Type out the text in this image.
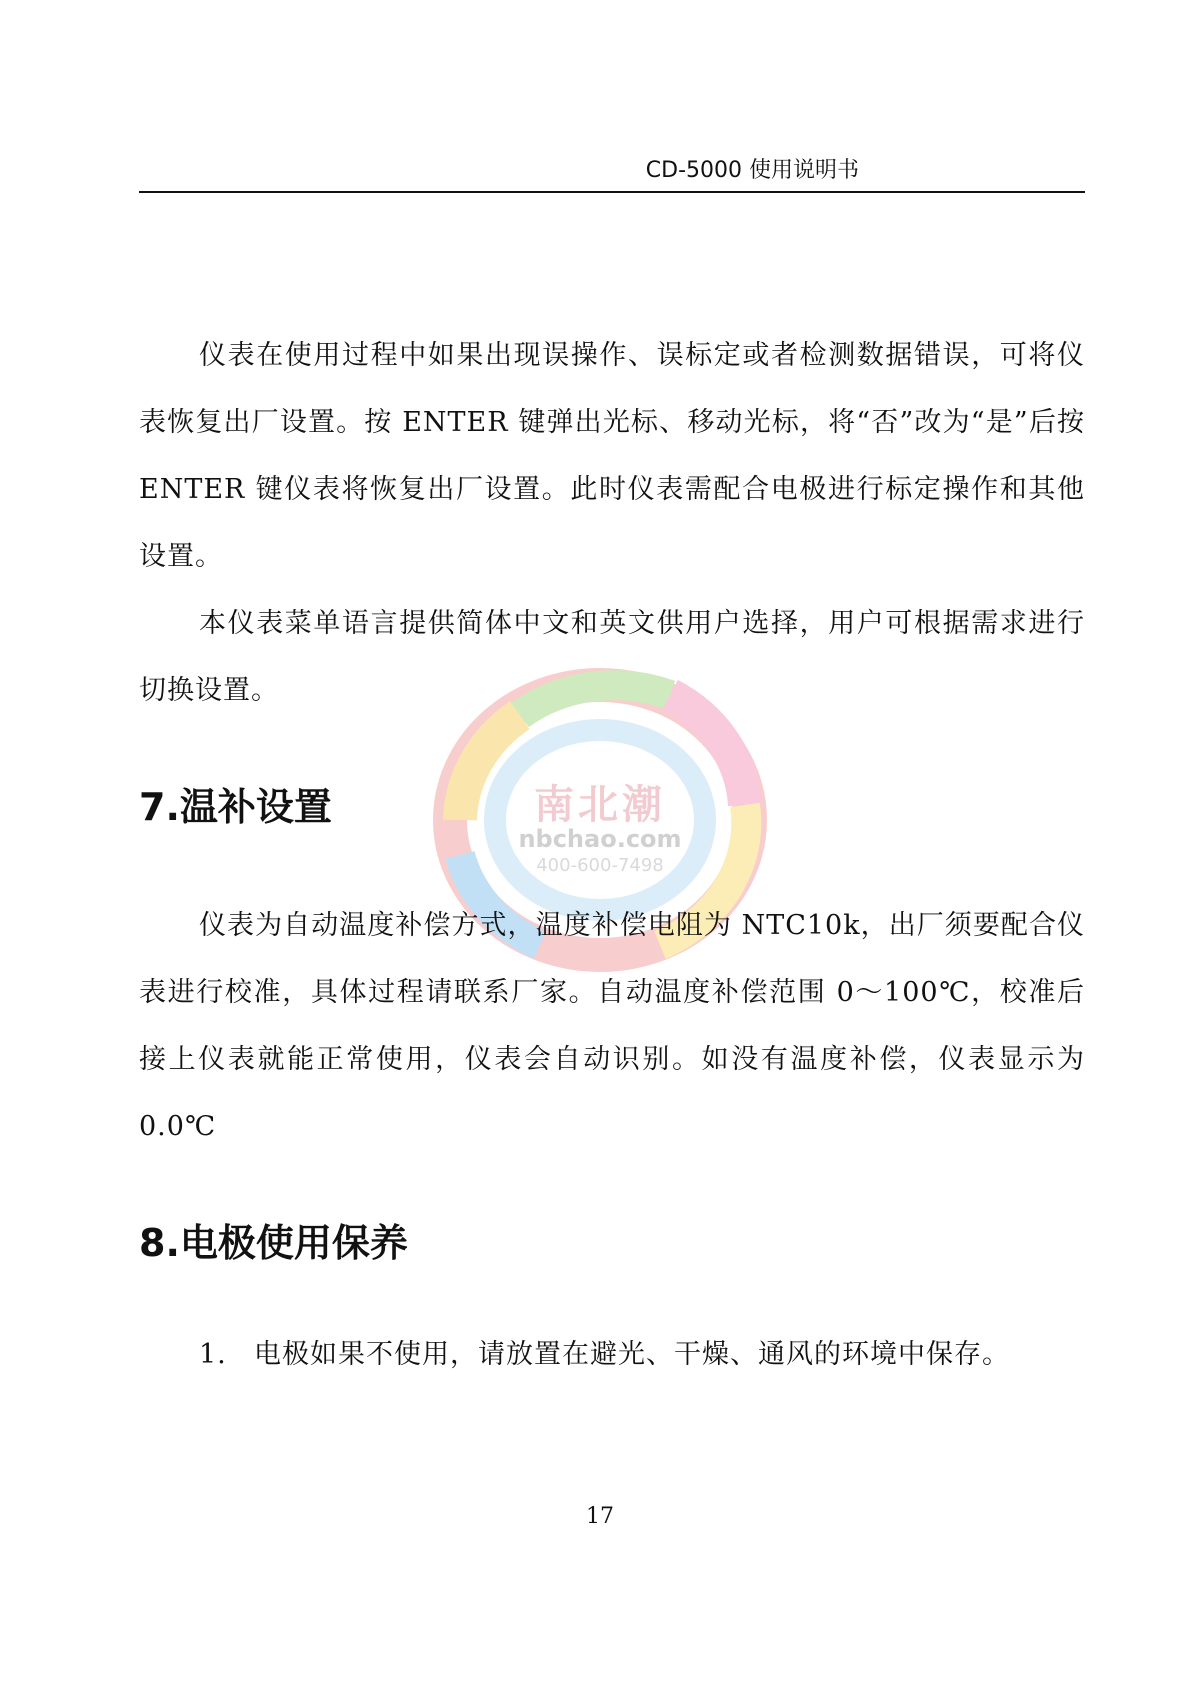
CD-5000 使用说明书
南北潮
nbchao.com
400-600-7498

仪表在使用过程中如果出现误操作、误标定或者检测数据错误，可将仪表恢复出厂设置。按 ENTER 键弹出光标、移动光标，将“否”改为“是”后按 ENTER 键仪表将恢复出厂设置。此时仪表需配合电极进行标定操作和其他设置。

本仪表菜单语言提供简体中文和英文供用户选择，用户可根据需求进行切换设置。

7.温补设置

仪表为自动温度补偿方式，温度补偿电阻为 NTC10k，出厂须要配合仪表进行校准，具体过程请联系厂家。自动温度补偿范围 0～100℃，校准后接上仪表就能正常使用，仪表会自动识别。如没有温度补偿，仪表显示为 0.0℃

8.电极使用保养
1. 电极如果不使用，请放置在避光、干燥、通风的环境中保存。
17
